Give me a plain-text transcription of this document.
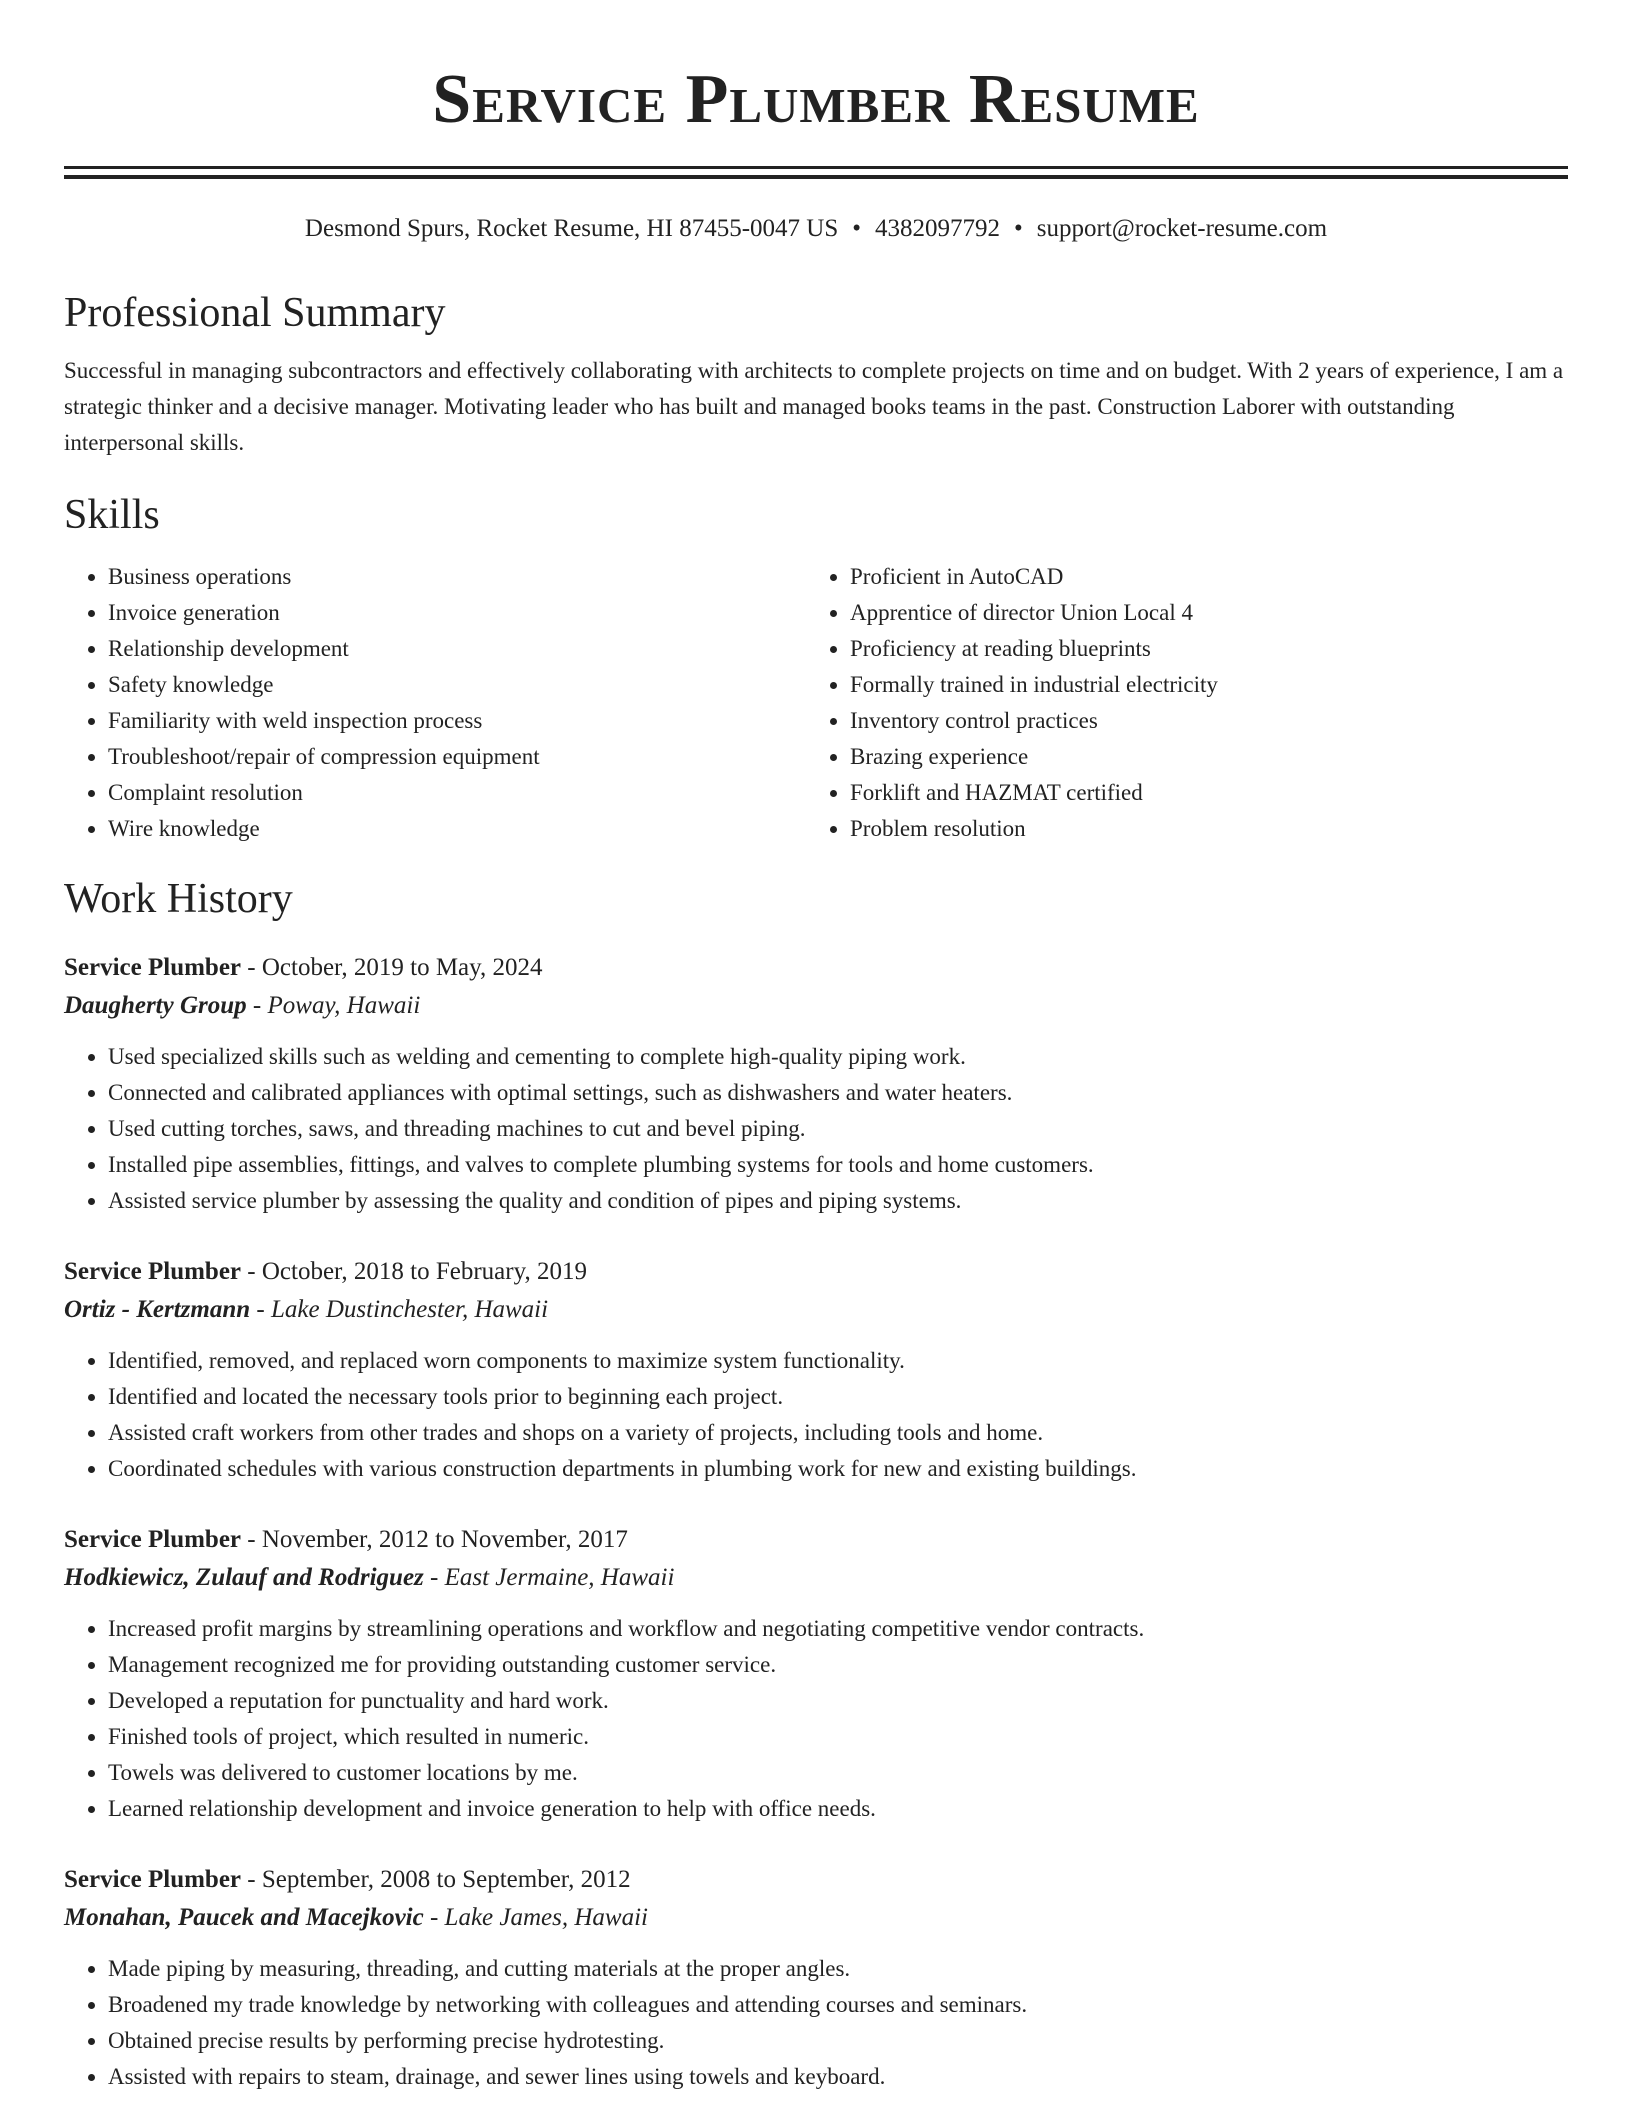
Service Plumber Resume
Desmond Spurs, Rocket Resume, HI 87455-0047 US • 4382097792 • support@rocket-resume.com
Professional Summary

Successful in managing subcontractors and effectively collaborating with architects to complete projects on time and on budget. With 2 years of experience, I am a strategic thinker and a decisive manager. Motivating leader who has built and managed books teams in the past. Construction Laborer with outstanding interpersonal skills.

Skills
• Business operations
• Invoice generation
• Relationship development
• Safety knowledge
• Familiarity with weld inspection process
• Troubleshoot/repair of compression equipment
• Complaint resolution
• Wire knowledge
• Proficient in AutoCAD
• Apprentice of director Union Local 4
• Proficiency at reading blueprints
• Formally trained in industrial electricity
• Inventory control practices
• Brazing experience
• Forklift and HAZMAT certified
• Problem resolution
Work History
Service Plumber - October, 2019 to May, 2024
Daugherty Group - Poway, Hawaii
• Used specialized skills such as welding and cementing to complete high-quality piping work.
• Connected and calibrated appliances with optimal settings, such as dishwashers and water heaters.
• Used cutting torches, saws, and threading machines to cut and bevel piping.
• Installed pipe assemblies, fittings, and valves to complete plumbing systems for tools and home customers.
• Assisted service plumber by assessing the quality and condition of pipes and piping systems.
Service Plumber - October, 2018 to February, 2019
Ortiz - Kertzmann - Lake Dustinchester, Hawaii
• Identified, removed, and replaced worn components to maximize system functionality.
• Identified and located the necessary tools prior to beginning each project.
• Assisted craft workers from other trades and shops on a variety of projects, including tools and home.
• Coordinated schedules with various construction departments in plumbing work for new and existing buildings.
Service Plumber - November, 2012 to November, 2017
Hodkiewicz, Zulauf and Rodriguez - East Jermaine, Hawaii
• Increased profit margins by streamlining operations and workflow and negotiating competitive vendor contracts.
• Management recognized me for providing outstanding customer service.
• Developed a reputation for punctuality and hard work.
• Finished tools of project, which resulted in numeric.
• Towels was delivered to customer locations by me.
• Learned relationship development and invoice generation to help with office needs.
Service Plumber - September, 2008 to September, 2012
Monahan, Paucek and Macejkovic - Lake James, Hawaii
• Made piping by measuring, threading, and cutting materials at the proper angles.
• Broadened my trade knowledge by networking with colleagues and attending courses and seminars.
• Obtained precise results by performing precise hydrotesting.
• Assisted with repairs to steam, drainage, and sewer lines using towels and keyboard.
